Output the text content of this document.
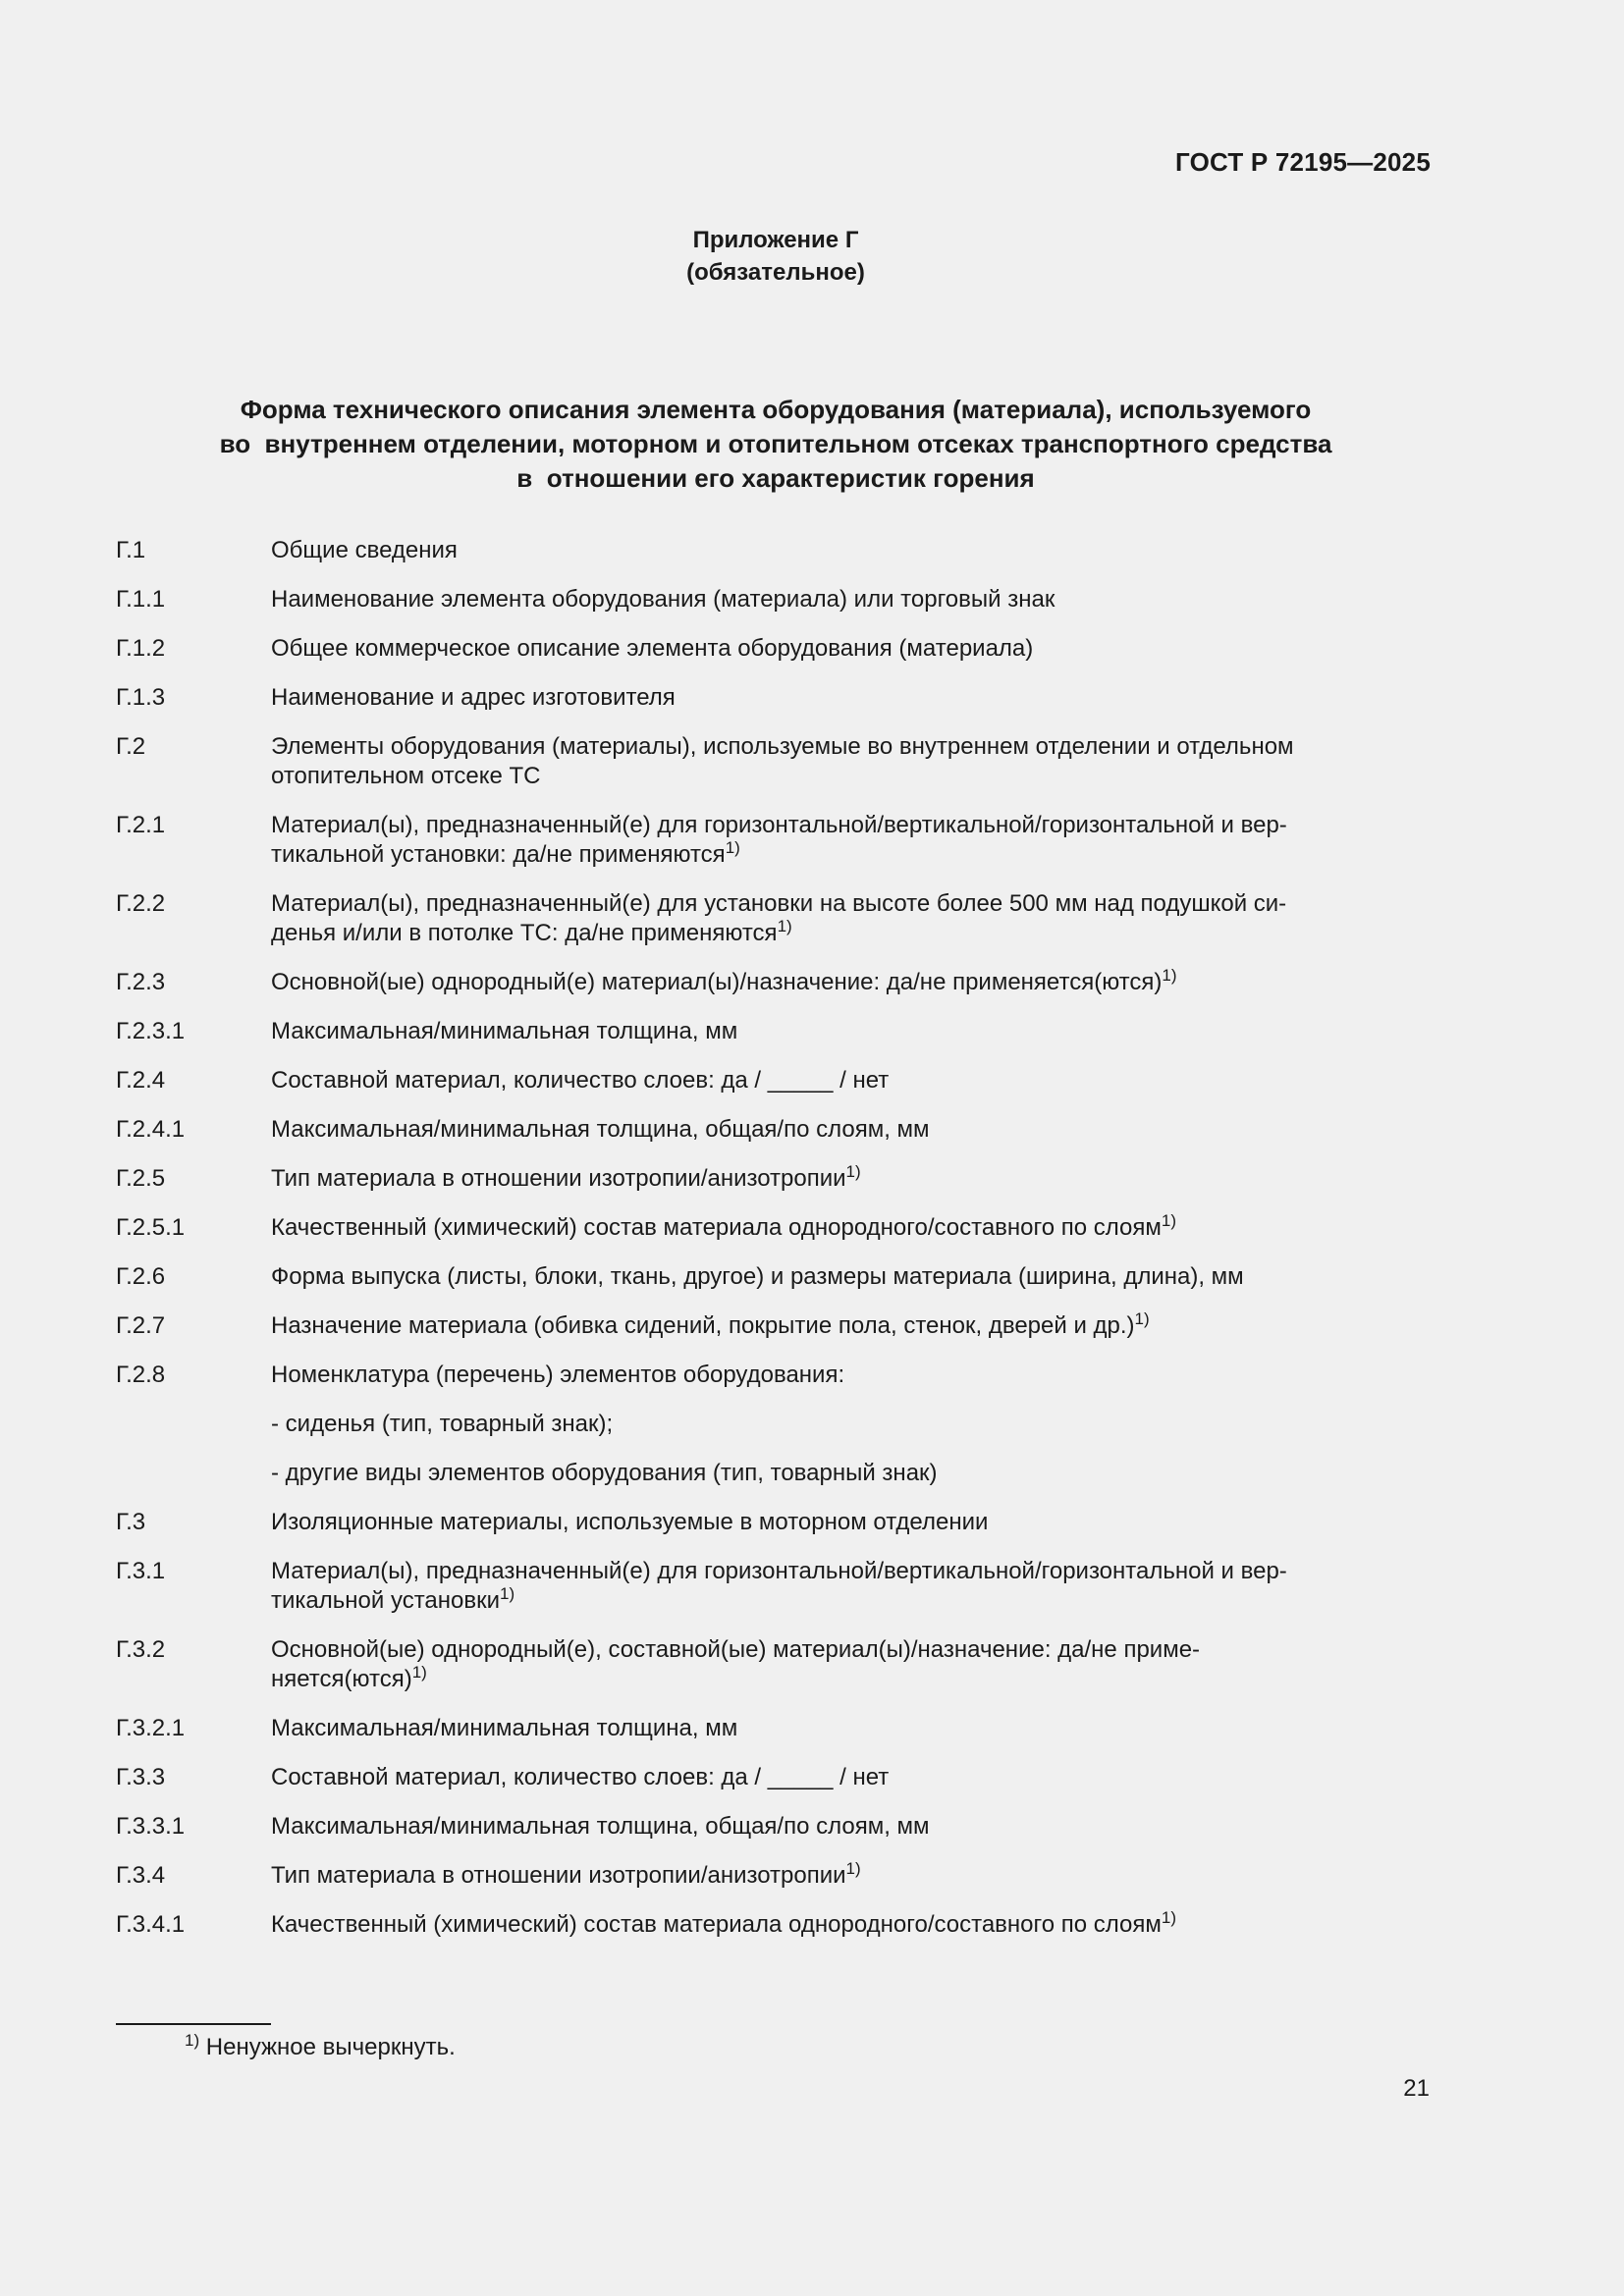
ГОСТ Р 72195—2025
Приложение Г
(обязательное)
Форма технического описания элемента оборудования (материала), используемого
во  внутреннем отделении, моторном и отопительном отсеках транспортного средства
в  отношении его характеристик горения
Г.1	Общие сведения
Г.1.1	Наименование элемента оборудования (материала) или торговый знак
Г.1.2	Общее коммерческое описание элемента оборудования (материала)
Г.1.3	Наименование и адрес изготовителя
Г.2	Элементы оборудования (материалы), используемые во внутреннем отделении и отдельном
отопительном отсеке ТС
Г.2.1	Материал(ы), предназначенный(е) для горизонтальной/вертикальной/горизонтальной и вер-
тикальной установки: да/не применяются$^{1)}$
Г.2.2	Материал(ы), предназначенный(е) для установки на высоте более 500 мм над подушкой си-
денья и/или в потолке ТС: да/не применяются$^{1)}$
Г.2.3	Основной(ые) однородный(е) материал(ы)/назначение: да/не применяется(ются)$^{1)}$
Г.2.3.1	Максимальная/минимальная толщина, мм
Г.2.4	Составной материал, количество слоев: да / _____ / нет
Г.2.4.1	Максимальная/минимальная толщина, общая/по слоям, мм
Г.2.5	Тип материала в отношении изотропии/анизотропии$^{1)}$
Г.2.5.1	Качественный (химический) состав материала однородного/составного по слоям$^{1)}$
Г.2.6	Форма выпуска (листы, блоки, ткань, другое) и размеры материала (ширина, длина), мм
Г.2.7	Назначение материала (обивка сидений, покрытие пола, стенок, дверей и др.)$^{1)}$
Г.2.8	Номенклатура (перечень) элементов оборудования:
- сиденья (тип, товарный знак);
- другие виды элементов оборудования (тип, товарный знак)
Г.3	Изоляционные материалы, используемые в моторном отделении
Г.3.1	Материал(ы), предназначенный(е) для горизонтальной/вертикальной/горизонтальной и вер-
тикальной установки$^{1)}$
Г.3.2	Основной(ые) однородный(е), составной(ые) материал(ы)/назначение: да/не приме-
няется(ются)$^{1)}$
Г.3.2.1	Максимальная/минимальная толщина, мм
Г.3.3	Составной материал, количество слоев: да / _____ / нет
Г.3.3.1	Максимальная/минимальная толщина, общая/по слоям, мм
Г.3.4	Тип материала в отношении изотропии/анизотропии$^{1)}$
Г.3.4.1	Качественный (химический) состав материала однородного/составного по слоям$^{1)}$
$^{1)}$ Ненужное вычеркнуть.
21
